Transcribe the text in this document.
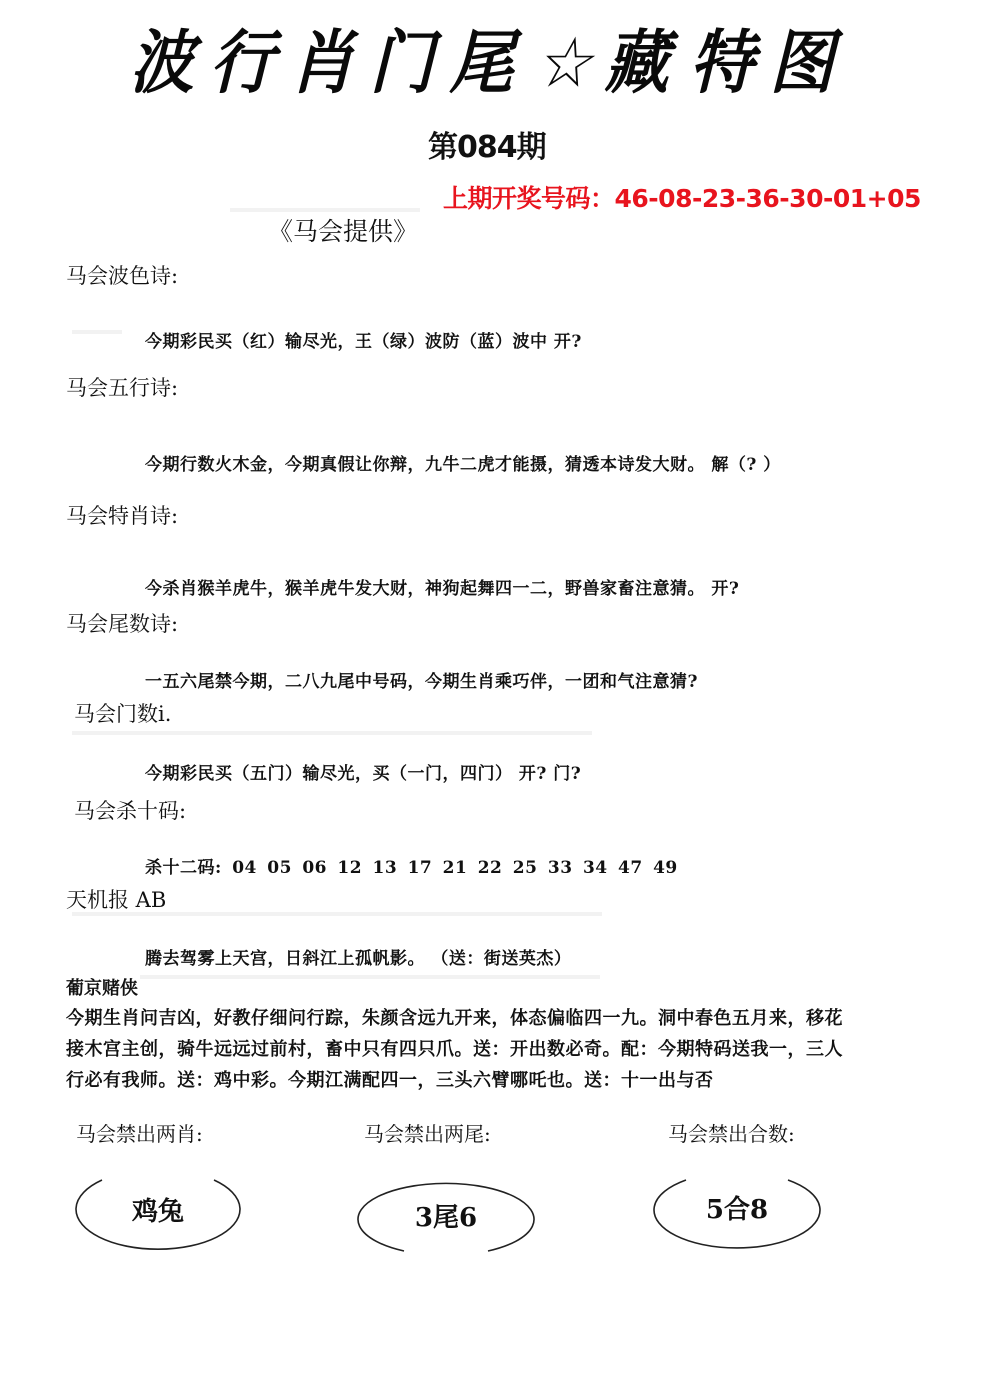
波
行
肖
门
尾 ☆
藏 特
图
第084期
上期开奖号码：46-08-23-36-30-01+05
《马会提供》
马会波色诗:
今期彩民买（红）输尽光，王（绿）波防（蓝）波中 开?
马会五行诗:
今期行数火木金，今期真假让你辩，九牛二虎才能摄，猜透本诗发大财。 解（? ）
马会特肖诗:
今杀肖猴羊虎牛，猴羊虎牛发大财，神狗起舞四一二，野兽家畜注意猜。 开?
马会尾数诗:
一五六尾禁今期，二八九尾中号码，今期生肖乘巧伴，一团和气注意猜?
马会门数i.
今期彩民买（五门）输尽光，买（一门，四门） 开? 门?
马会杀十码:
杀十二码: 04 05 06 12 13 17 21 22 25 33 34 47 49
天机报 AB
腾去驾雾上天宫，日斜江上孤帆影。 （送：街送英杰）
葡京赌侠
今期生肖问吉凶，好教仔细问行踪，朱颜含远九开来，体态偏临四一九。洞中春色五月来，移花
接木宫主创，骑牛远远过前村，畜中只有四只爪。送：开出数必奇。配：今期特码送我一，三人
行必有我师。送：鸡中彩。今期江满配四一，三头六臂哪吒也。送：十一出与否
马会禁出两肖:	马会禁出两尾:	马会禁出合数:
鸡兔	3尾6	5合8
